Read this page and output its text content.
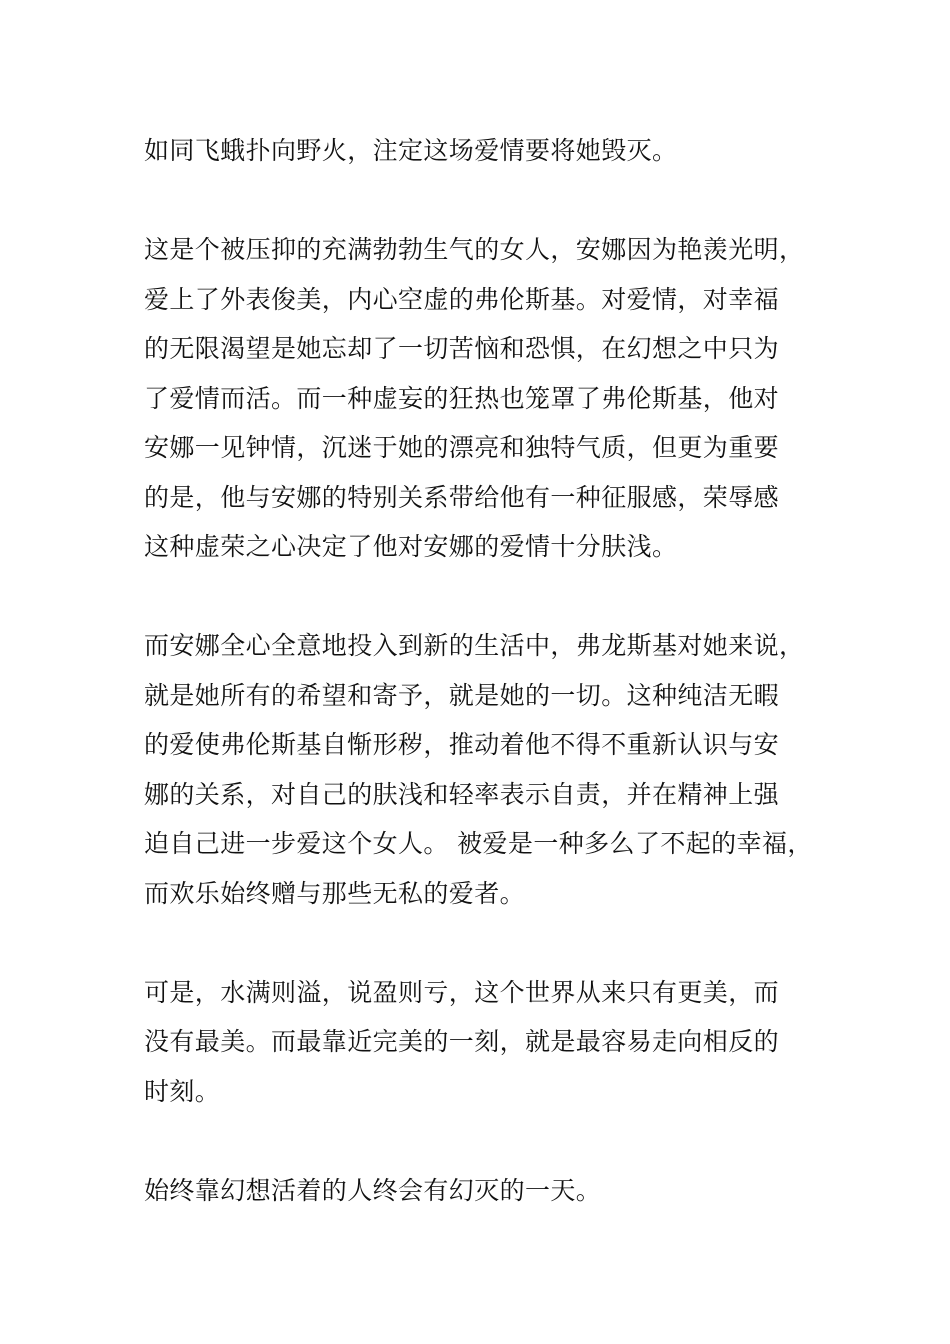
如同飞蛾扑向野火，注定这场爱情要将她毁灭。

这是个被压抑的充满勃勃生气的女人，安娜因为艳羡光明，
爱上了外表俊美，内心空虚的弗伦斯基。对爱情，对幸福
的无限渴望是她忘却了一切苦恼和恐惧，在幻想之中只为
了爱情而活。而一种虚妄的狂热也笼罩了弗伦斯基，他对
安娜一见钟情，沉迷于她的漂亮和独特气质，但更为重要
的是，他与安娜的特别关系带给他有一种征服感，荣辱感
这种虚荣之心决定了他对安娜的爱情十分肤浅。

而安娜全心全意地投入到新的生活中，弗龙斯基对她来说，
就是她所有的希望和寄予，就是她的一切。这种纯洁无暇
的爱使弗伦斯基自惭形秽，推动着他不得不重新认识与安
娜的关系，对自己的肤浅和轻率表示自责，并在精神上强
迫自己进一步爱这个女人。 被爱是一种多么了不起的幸福，
而欢乐始终赠与那些无私的爱者。

可是，水满则溢，说盈则亏，这个世界从来只有更美，而
没有最美。而最靠近完美的一刻，就是最容易走向相反的
时刻。

始终靠幻想活着的人终会有幻灭的一天。
